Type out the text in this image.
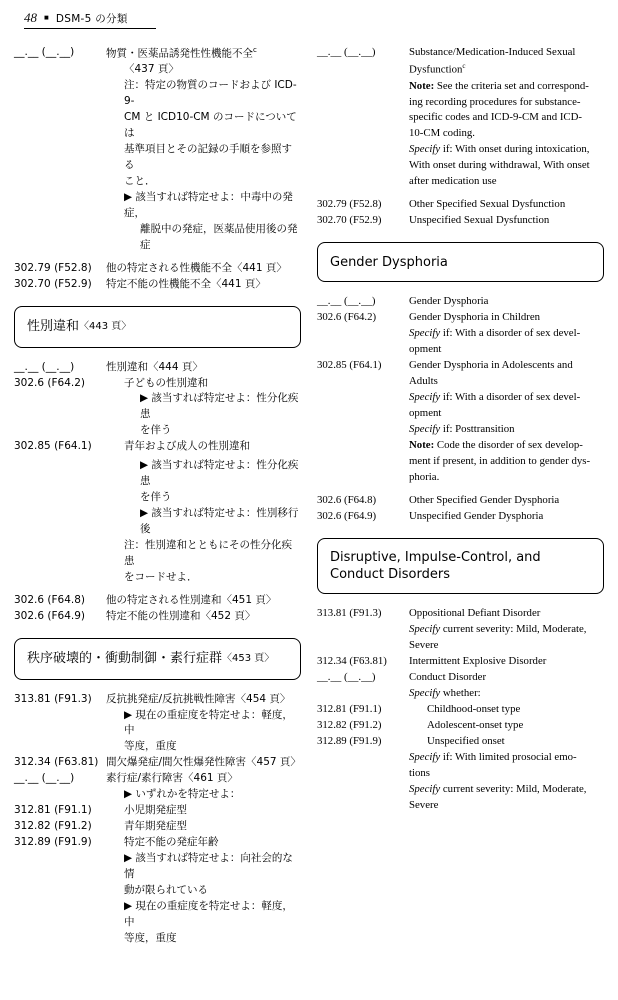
48 ■ DSM-5 の分類
__.__ (__.__)	物質・医薬品誘発性性機能不全$^c$
〈437 頁〉
注：特定の物質のコードおよび ICD-9-
CM と ICD10-CM のコードについては
基準項目とその記録の手順を参照する
こと．
▶ 該当すれば特定せよ：中毒中の発症，
離脱中の発症，医薬品使用後の発症
302.79 (F52.8)	他の特定される性機能不全〈441 頁〉
302.70 (F52.9)	特定不能の性機能不全〈441 頁〉
性別違和 〈443 頁〉
__.__ (__.__)	性別違和〈444 頁〉
302.6 (F64.2)	子どもの性別違和
▶ 該当すれば特定せよ：性分化疾患
を伴う
302.85 (F64.1)	青年および成人の性別違和
▶ 該当すれば特定せよ：性分化疾患
を伴う
▶ 該当すれば特定せよ：性別移行後
注：性別違和とともにその性分化疾患
をコードせよ．
302.6 (F64.8)	他の特定される性別違和〈451 頁〉
302.6 (F64.9)	特定不能の性別違和〈452 頁〉
秩序破壊的・衝動制御・素行症群 〈453 頁〉
313.81 (F91.3)	反抗挑発症/反抗挑戦性障害〈454 頁〉
▶ 現在の重症度を特定せよ：軽度，中
等度，重度
312.34 (F63.81) 間欠爆発症/間欠性爆発性障害〈457 頁〉
__.__ (__.__)	素行症/素行障害〈461 頁〉
▶ いずれかを特定せよ：
312.81 (F91.1)	小児期発症型
312.82 (F91.2)	青年期発症型
312.89 (F91.9)	特定不能の発症年齢
▶ 該当すれば特定せよ：向社会的な情
動が限られている
▶ 現在の重症度を特定せよ：軽度，中
等度，重度
__.__ (__.__)	Substance/Medication-Induced Sexual
Dysfunction$^c$
Note: See the criteria set and correspond-
ing recording procedures for substance-
specific codes and ICD-9-CM and ICD-
10-CM coding.
Specify if: With onset during intoxication,
With onset during withdrawal, With onset
after medication use
302.79 (F52.8)	Other Specified Sexual Dysfunction
302.70 (F52.9)	Unspecified Sexual Dysfunction
Gender Dysphoria
__.__ (__.__)	Gender Dysphoria
302.6 (F64.2)	Gender Dysphoria in Children
Specify if: With a disorder of sex devel-
opment
302.85 (F64.1)	Gender Dysphoria in Adolescents and
Adults
Specify if: With a disorder of sex devel-
opment
Specify if: Posttransition
Note: Code the disorder of sex develop-
ment if present, in addition to gender dys-
phoria.
302.6 (F64.8)	Other Specified Gender Dysphoria
302.6 (F64.9)	Unspecified Gender Dysphoria
Disruptive, Impulse-Control, and Conduct Disorders
313.81 (F91.3)	Oppositional Defiant Disorder
Specify current severity: Mild, Moderate,
Severe
312.34 (F63.81)	Intermittent Explosive Disorder
__.__ (__.__)	Conduct Disorder
Specify whether:
312.81 (F91.1)	Childhood-onset type
312.82 (F91.2)	Adolescent-onset type
312.89 (F91.9)	Unspecified onset
Specify if: With limited prosocial emo-
tions
Specify current severity: Mild, Moderate,
Severe
